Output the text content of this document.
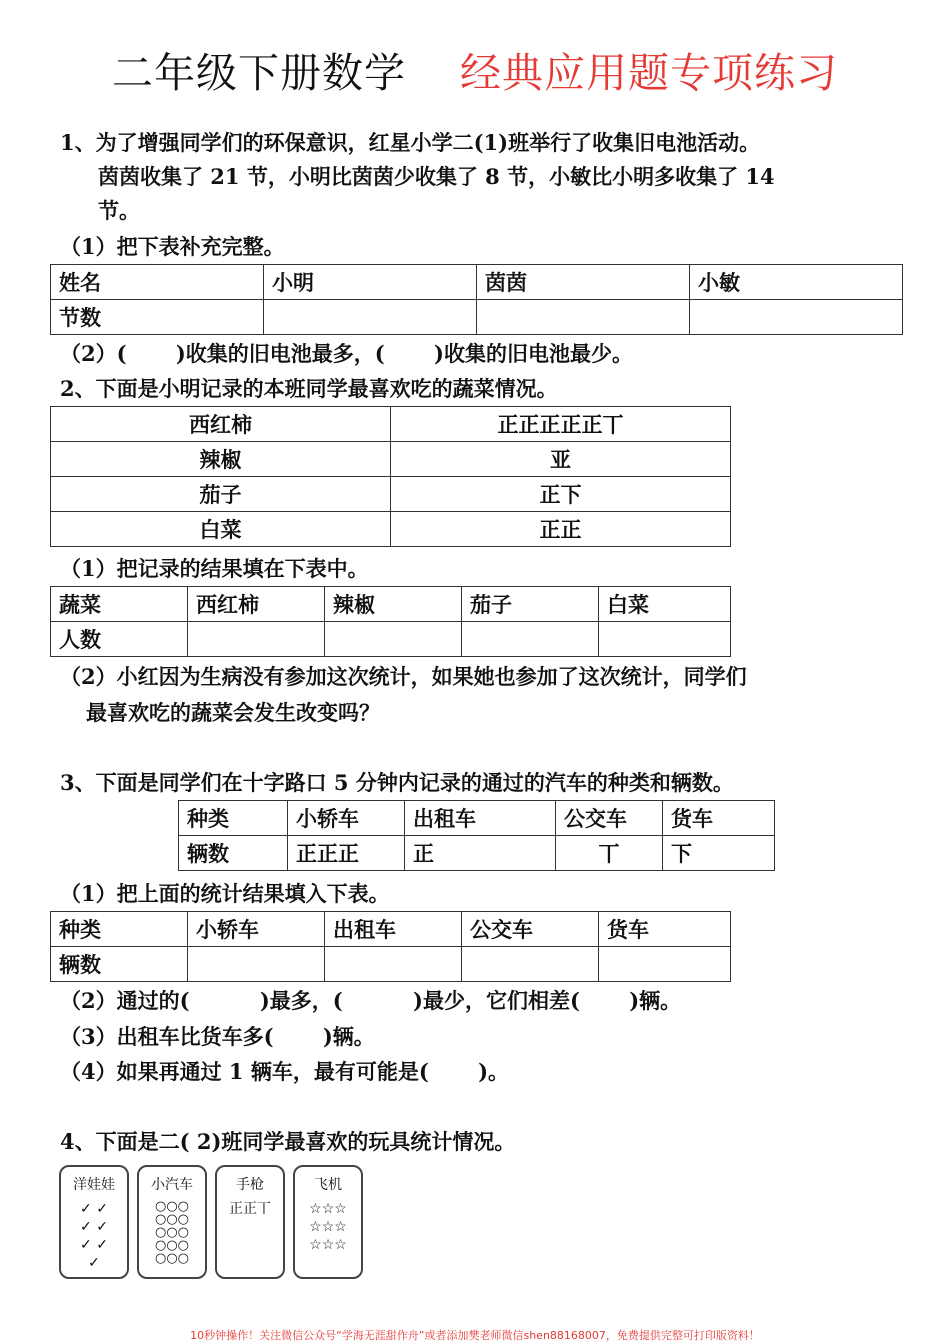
二年级下册数学 经典应用题专项练习
1、为了增强同学们的环保意识，红星小学二(1)班举行了收集旧电池活动。
茵茵收集了 21 节，小明比茵茵少收集了 8 节，小敏比小明多收集了 14
节。
（1）把下表补充完整。
姓名	小明	茵茵	小敏
节数			
（2）(　　 )收集的旧电池最多，(　　 )收集的旧电池最少。
2、下面是小明记录的本班同学最喜欢吃的蔬菜情况。
西红柿	正正正正正丅
辣椒	亚
茄子	正下
白菜	正正
（1）把记录的结果填在下表中。
蔬菜	西红柿	辣椒	茄子	白菜
人数				
（2）小红因为生病没有参加这次统计，如果她也参加了这次统计，同学们
最喜欢吃的蔬菜会发生改变吗？
3、下面是同学们在十字路口 5 分钟内记录的通过的汽车的种类和辆数。
种类	小轿车	出租车	公交车	货车
辆数	正正正	正	丅	下
（1）把上面的统计结果填入下表。
种类	小轿车	出租车	公交车	货车
辆数				
（2）通过的(　　　 )最多，(　　　 )最少，它们相差(　　 )辆。
（3）出租车比货车多(　　 )辆。
（4）如果再通过 1 辆车，最有可能是(　　 )。
4、下面是二( 2)班同学最喜欢的玩具统计情况。
洋娃娃
✓ ✓
✓ ✓
✓ ✓
✓
小汽车
○○○
○○○
○○○
○○○
○○○
手枪
正正丅
飞机
☆☆☆
☆☆☆
☆☆☆
10秒钟操作！关注微信公众号“学海无涯甜作舟”或者添加樊老师微信shen88168007，免费提供完整可打印版资料！
